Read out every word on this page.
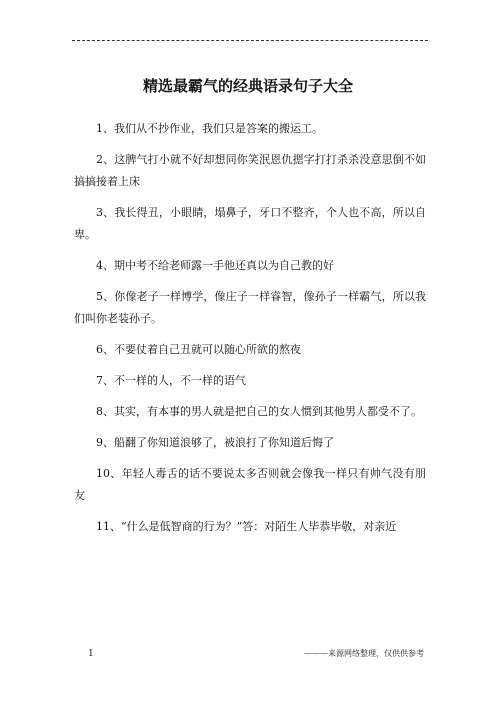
精选最霸气的经典语录句子大全

1、我们从不抄作业，我们只是答案的搬运工。

2、这脾气打小就不好却想同你笑泯恩仇摁字打打杀杀没意思倒不如搞搞接着上床

3、我长得丑，小眼睛，塌鼻子，牙口不整齐，个人也不高，所以自卑。

4、期中考不给老师露一手他还真以为自己教的好

5、你像老子一样博学，像庄子一样睿智，像孙子一样霸气，所以我们叫你老装孙子。

6、不要仗着自己丑就可以随心所欲的熬夜

7、不一样的人，不一样的语气

8、其实，有本事的男人就是把自己的女人惯到其他男人都受不了。

9、船翻了你知道浪够了，被浪打了你知道后悔了

10、年轻人毒舌的话不要说太多否则就会像我一样只有帅气没有朋友

11、“什么是低智商的行为？”答：对陌生人毕恭毕敬，对亲近

1	———来源网络整理，仅供供参考
